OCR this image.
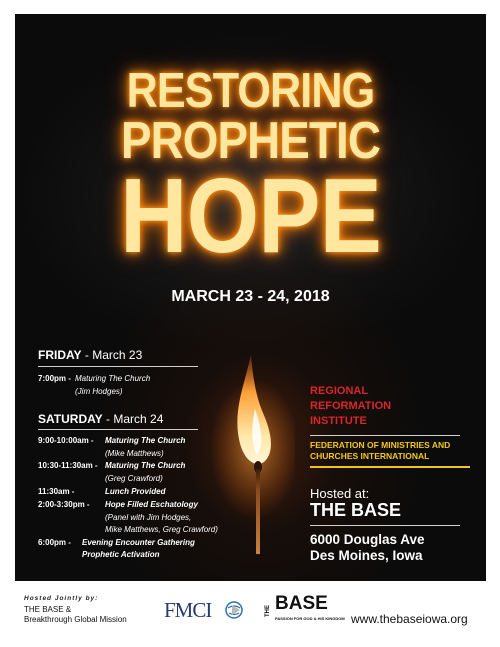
RESTORING
PROPHETIC
HOPE
MARCH 23 - 24, 2018
FRIDAY - March 23
7:00pm - Maturing The Church
(Jim Hodges)
SATURDAY - March 24
9:00-10:00am - Maturing The Church
(Mike Matthews)
10:30-11:30am - Maturing The Church
(Greg Crawford)
11:30am -	Lunch Provided
2:00-3:30pm - Hope Filled Eschatology
(Panel with Jim Hodges,
Mike Matthews, Greg Crawford)
6:00pm - Evening Encounter Gathering
Prophetic Activation
REGIONAL
REFORMATION
INSTITUTE
FEDERATION OF MINISTRIES AND
CHURCHES INTERNATIONAL
Hosted at:
THE BASE
6000 Douglas Ave
Des Moines, Iowa
Hosted Jointly by:
THE BASE &
Breakthrough Global Mission FMCI	THE BASE
PASSION FOR GOD & HIS KINGDOM www.thebaseiowa.org
